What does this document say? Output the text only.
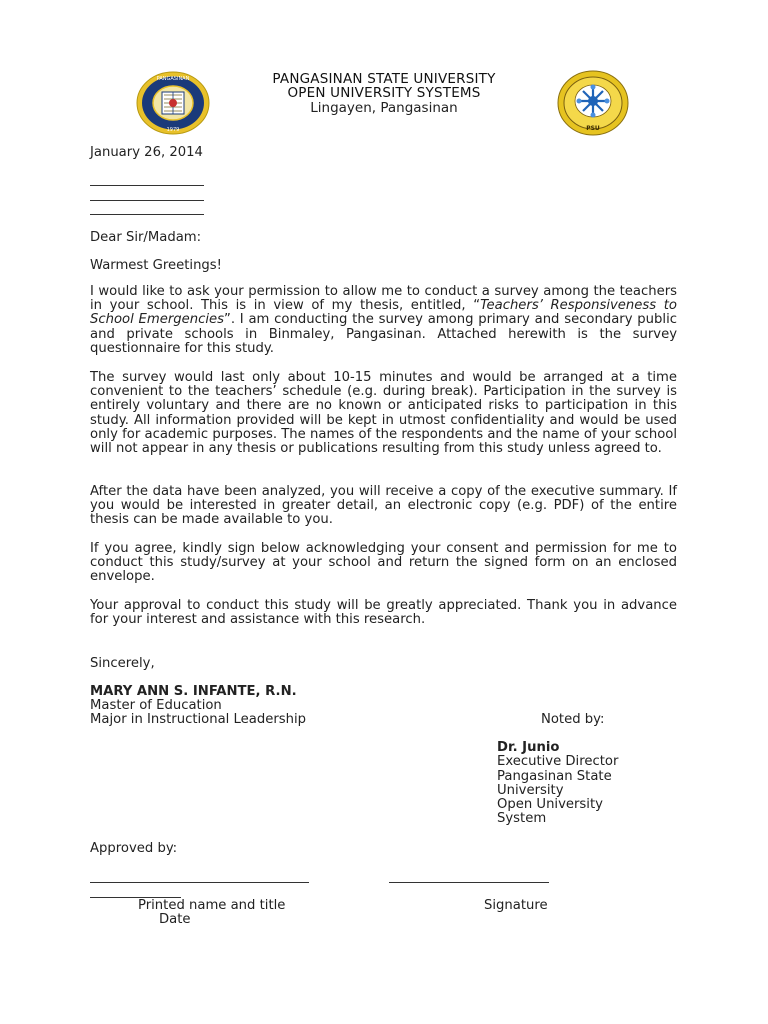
PANGASINAN
1979
PANGASINAN STATE UNIVERSITY
OPEN UNIVERSITY SYSTEMS
Lingayen, Pangasinan
PSU
January 26, 2014
Dear Sir/Madam:
Warmest Greetings!
I would like to ask your permission to allow me to conduct a survey among the teachers in your school. This is in view of my thesis, entitled, “Teachers’ Responsiveness to School Emergencies”. I am conducting the survey among primary and secondary public and private schools in Binmaley, Pangasinan. Attached herewith is the survey questionnaire for this study.
The survey would last only about 10-15 minutes and would be arranged at a time convenient to the teachers’ schedule (e.g. during break). Participation in the survey is entirely voluntary and there are no known or anticipated risks to participation in this study. All information provided will be kept in utmost confidentiality and would be used only for academic purposes. The names of the respondents and the name of your school will not appear in any thesis or publications resulting from this study unless agreed to.
After the data have been analyzed, you will receive a copy of the executive summary. If you would be interested in greater detail, an electronic copy (e.g. PDF) of the entire thesis can be made available to you.
If you agree, kindly sign below acknowledging your consent and permission for me to conduct this study/survey at your school and return the signed form on an enclosed envelope.
Your approval to conduct this study will be greatly appreciated. Thank you in advance for your interest and assistance with this research.
Sincerely,
MARY ANN S. INFANTE, R.N.
Master of Education
Major in Instructional Leadership	Noted by:
Dr. Junio
Executive Director
Pangasinan State
University
Open University
System
Approved by:
Printed name and title
Date
Signature
